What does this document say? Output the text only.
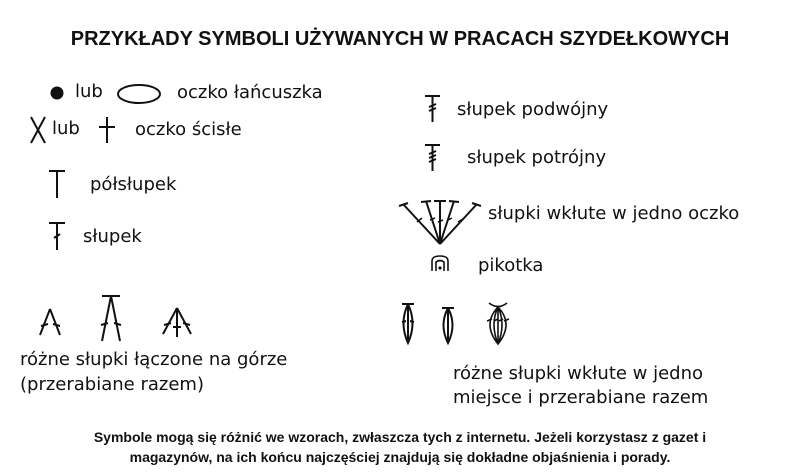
PRZYKŁADY SYMBOLI UŻYWANYCH W PRACACH SZYDEŁKOWYCH
lub	oczko łańcuszka
lub	oczko ścisłe
półsłupek
słupek
słupek podwójny
słupek potrójny
słupki wkłute w jedno oczko
pikotka
różne słupki łączone na górze
(przerabiane razem)
różne słupki wkłute w jedno
miejsce i przerabiane razem
Symbole mogą się różnić we wzorach, zwłaszcza tych z internetu. Jeżeli korzystasz z gazet i
magazynów, na ich końcu najczęściej znajdują się dokładne objaśnienia i porady.
